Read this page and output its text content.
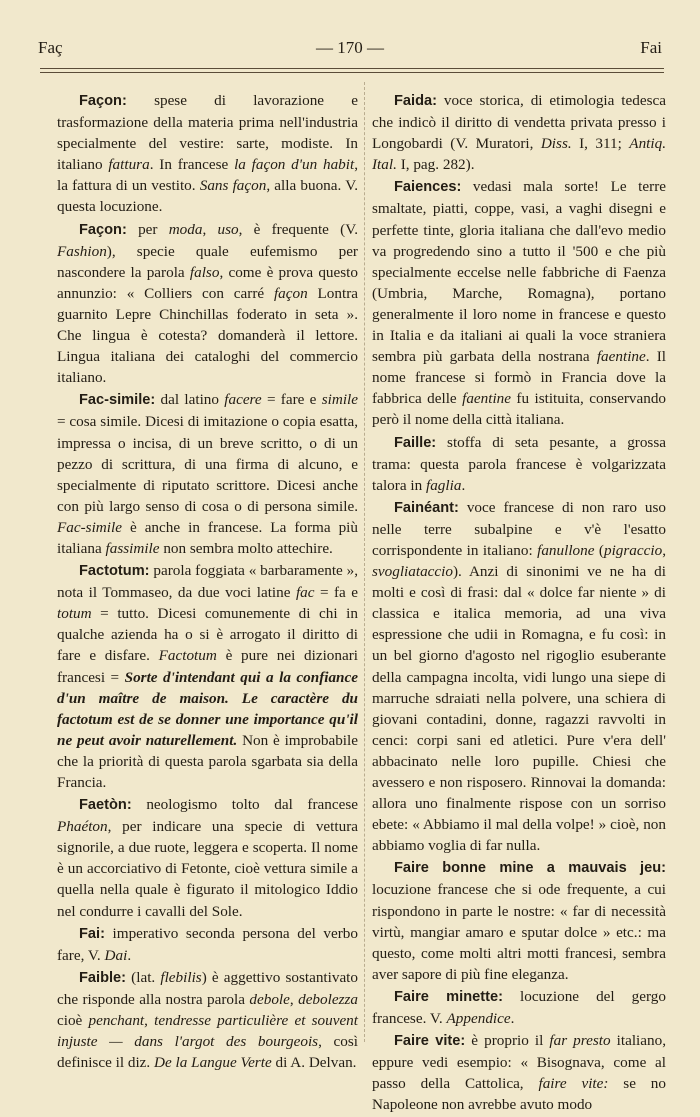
Faç	— 170 —	Fai

Façon: spese di lavorazione e trasformazione della materia prima nell'industria specialmente del vestire: sarte, modiste. In italiano fattura. In francese la façon d'un habit, la fattura di un vestito. Sans façon, alla buona. V. questa locuzione.

Façon: per moda, uso, è frequente (V. Fashion), specie quale eufemismo per nascondere la parola falso, come è prova questo annunzio: « Colliers con carré façon Lontra guarnito Lepre Chinchillas foderato in seta ». Che lingua è cotesta? domanderà il lettore. Lingua italiana dei cataloghi del commercio italiano.

Fac-simile: dal latino facere = fare e simile = cosa simile. Dicesi di imitazione o copia esatta, impressa o incisa, di un breve scritto, o di un pezzo di scrittura, di una firma di alcuno, e specialmente di riputato scrittore. Dicesi anche con più largo senso di cosa o di persona simile. Fac-simile è anche in francese. La forma più italiana fassimile non sembra molto attechire.

Factotum: parola foggiata « barbaramente », nota il Tommaseo, da due voci latine fac = fa e totum = tutto. Dicesi comunemente di chi in qualche azienda ha o si è arrogato il diritto di fare e disfare. Factotum è pure nei dizionari francesi = Sorte d'intendant qui a la confiance d'un maître de maison. Le caractère du factotum est de se donner une importance qu'il ne peut avoir naturellement. Non è improbabile che la priorità di questa parola sgarbata sia della Francia.

Faetòn: neologismo tolto dal francese Phaéton, per indicare una specie di vettura signorile, a due ruote, leggera e scoperta. Il nome è un accorciativo di Fetonte, cioè vettura simile a quella nella quale è figurato il mitologico Iddio nel condurre i cavalli del Sole.

Fai: imperativo seconda persona del verbo fare, V. Dai.

Faible: (lat. flebilis) è aggettivo sostantivato che risponde alla nostra parola debole, debolezza cioè penchant, tendresse particulière et souvent injuste — dans l'argot des bourgeois, così definisce il diz. De la Langue Verte di A. Delvan.

Faida: voce storica, di etimologia tedesca che indicò il diritto di vendetta privata presso i Longobardi (V. Muratori, Diss. I, 311; Antiq. Ital. I, pag. 282).

Faiences: vedasi mala sorte! Le terre smaltate, piatti, coppe, vasi, a vaghi disegni e perfette tinte, gloria italiana che dall'evo medio va progredendo sino a tutto il '500 e che più specialmente eccelse nelle fabbriche di Faenza (Umbria, Marche, Romagna), portano generalmente il loro nome in francese e questo in Italia e da italiani ai quali la voce straniera sembra più garbata della nostrana faentine. Il nome francese si formò in Francia dove la fabbrica delle faentine fu istituita, conservando però il nome della città italiana.

Faille: stoffa di seta pesante, a grossa trama: questa parola francese è volgarizzata talora in faglia.

Fainéant: voce francese di non raro uso nelle terre subalpine e v'è l'esatto corrispondente in italiano: fanullone (pigraccio, svogliataccio). Anzi di sinonimi ve ne ha di molti e così di frasi: dal « dolce far niente » di classica e italica memoria, ad una viva espressione che udii in Romagna, e fu così: in un bel giorno d'agosto nel rigoglio esuberante della campagna incolta, vidi lungo una siepe di marruche sdraiati nella polvere, una schiera di giovani contadini, donne, ragazzi ravvolti in cenci: corpi sani ed atletici. Pure v'era dell' abbacinato nelle loro pupille. Chiesi che avessero e non risposero. Rinnovai la domanda: allora uno finalmente rispose con un sorriso ebete: « Abbiamo il mal della volpe! » cioè, non abbiamo voglia di far nulla.

Faire bonne mine a mauvais jeu: locuzione francese che si ode frequente, a cui rispondono in parte le nostre: « far di necessità virtù, mangiar amaro e sputar dolce » etc.: ma questo, come molti altri motti francesi, sembra aver sapore di più fine eleganza.

Faire minette: locuzione del gergo francese. V. Appendice.

Faire vite: è proprio il far presto italiano, eppure vedi esempio: « Bisognava, come al passo della Cattolica, faire vite: se no Napoleone non avrebbe avuto modo
